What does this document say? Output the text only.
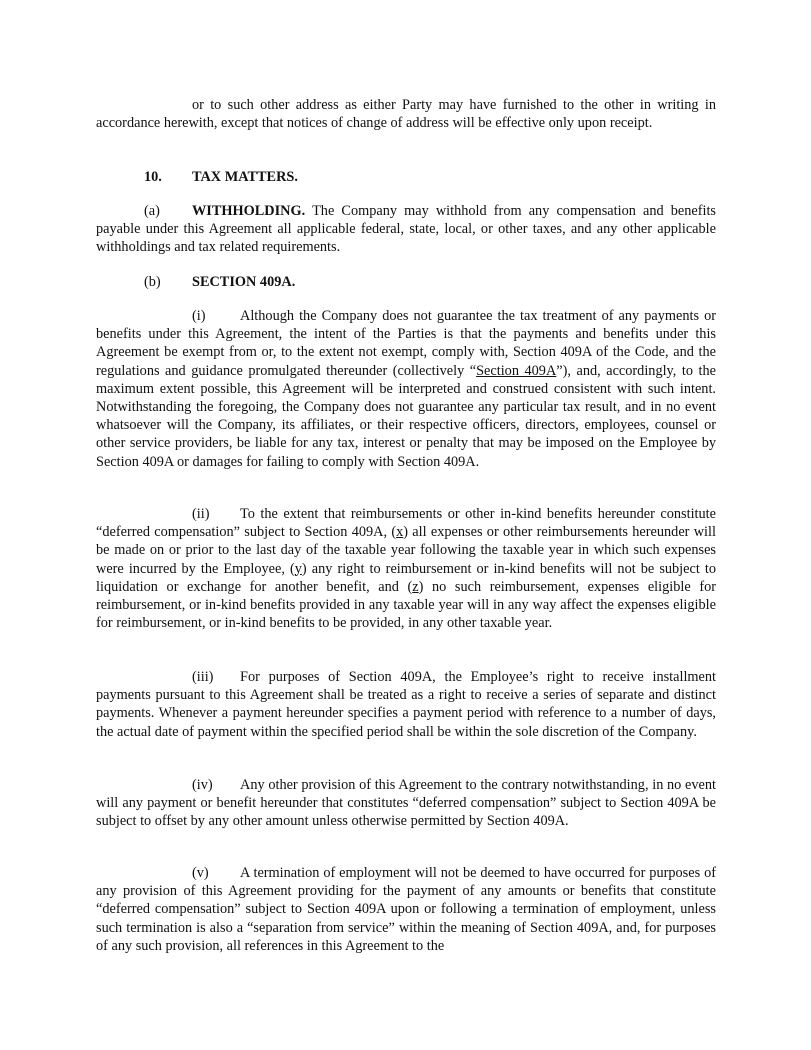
or to such other address as either Party may have furnished to the other in writing in accordance herewith, except that notices of change of address will be effective only upon receipt.

10. TAX MATTERS.

(a) WITHHOLDING. The Company may withhold from any compensation and benefits payable under this Agreement all applicable federal, state, local, or other taxes, and any other applicable withholdings and tax related requirements.

(b) SECTION 409A.

(i) Although the Company does not guarantee the tax treatment of any payments or benefits under this Agreement, the intent of the Parties is that the payments and benefits under this Agreement be exempt from or, to the extent not exempt, comply with, Section 409A of the Code, and the regulations and guidance promulgated thereunder (collectively “Section 409A”), and, accordingly, to the maximum extent possible, this Agreement will be interpreted and construed consistent with such intent. Notwithstanding the foregoing, the Company does not guarantee any particular tax result, and in no event whatsoever will the Company, its affiliates, or their respective officers, directors, employees, counsel or other service providers, be liable for any tax, interest or penalty that may be imposed on the Employee by Section 409A or damages for failing to comply with Section 409A.

(ii) To the extent that reimbursements or other in-kind benefits hereunder constitute “deferred compensation” subject to Section 409A, (x) all expenses or other reimbursements hereunder will be made on or prior to the last day of the taxable year following the taxable year in which such expenses were incurred by the Employee, (y) any right to reimbursement or in-kind benefits will not be subject to liquidation or exchange for another benefit, and (z) no such reimbursement, expenses eligible for reimbursement, or in-kind benefits provided in any taxable year will in any way affect the expenses eligible for reimbursement, or in-kind benefits to be provided, in any other taxable year.

(iii) For purposes of Section 409A, the Employee’s right to receive installment payments pursuant to this Agreement shall be treated as a right to receive a series of separate and distinct payments. Whenever a payment hereunder specifies a payment period with reference to a number of days, the actual date of payment within the specified period shall be within the sole discretion of the Company.

(iv) Any other provision of this Agreement to the contrary notwithstanding, in no event will any payment or benefit hereunder that constitutes “deferred compensation” subject to Section 409A be subject to offset by any other amount unless otherwise permitted by Section 409A.

(v) A termination of employment will not be deemed to have occurred for purposes of any provision of this Agreement providing for the payment of any amounts or benefits that constitute “deferred compensation” subject to Section 409A upon or following a termination of employment, unless such termination is also a “separation from service” within the meaning of Section 409A, and, for purposes of any such provision, all references in this Agreement to the
